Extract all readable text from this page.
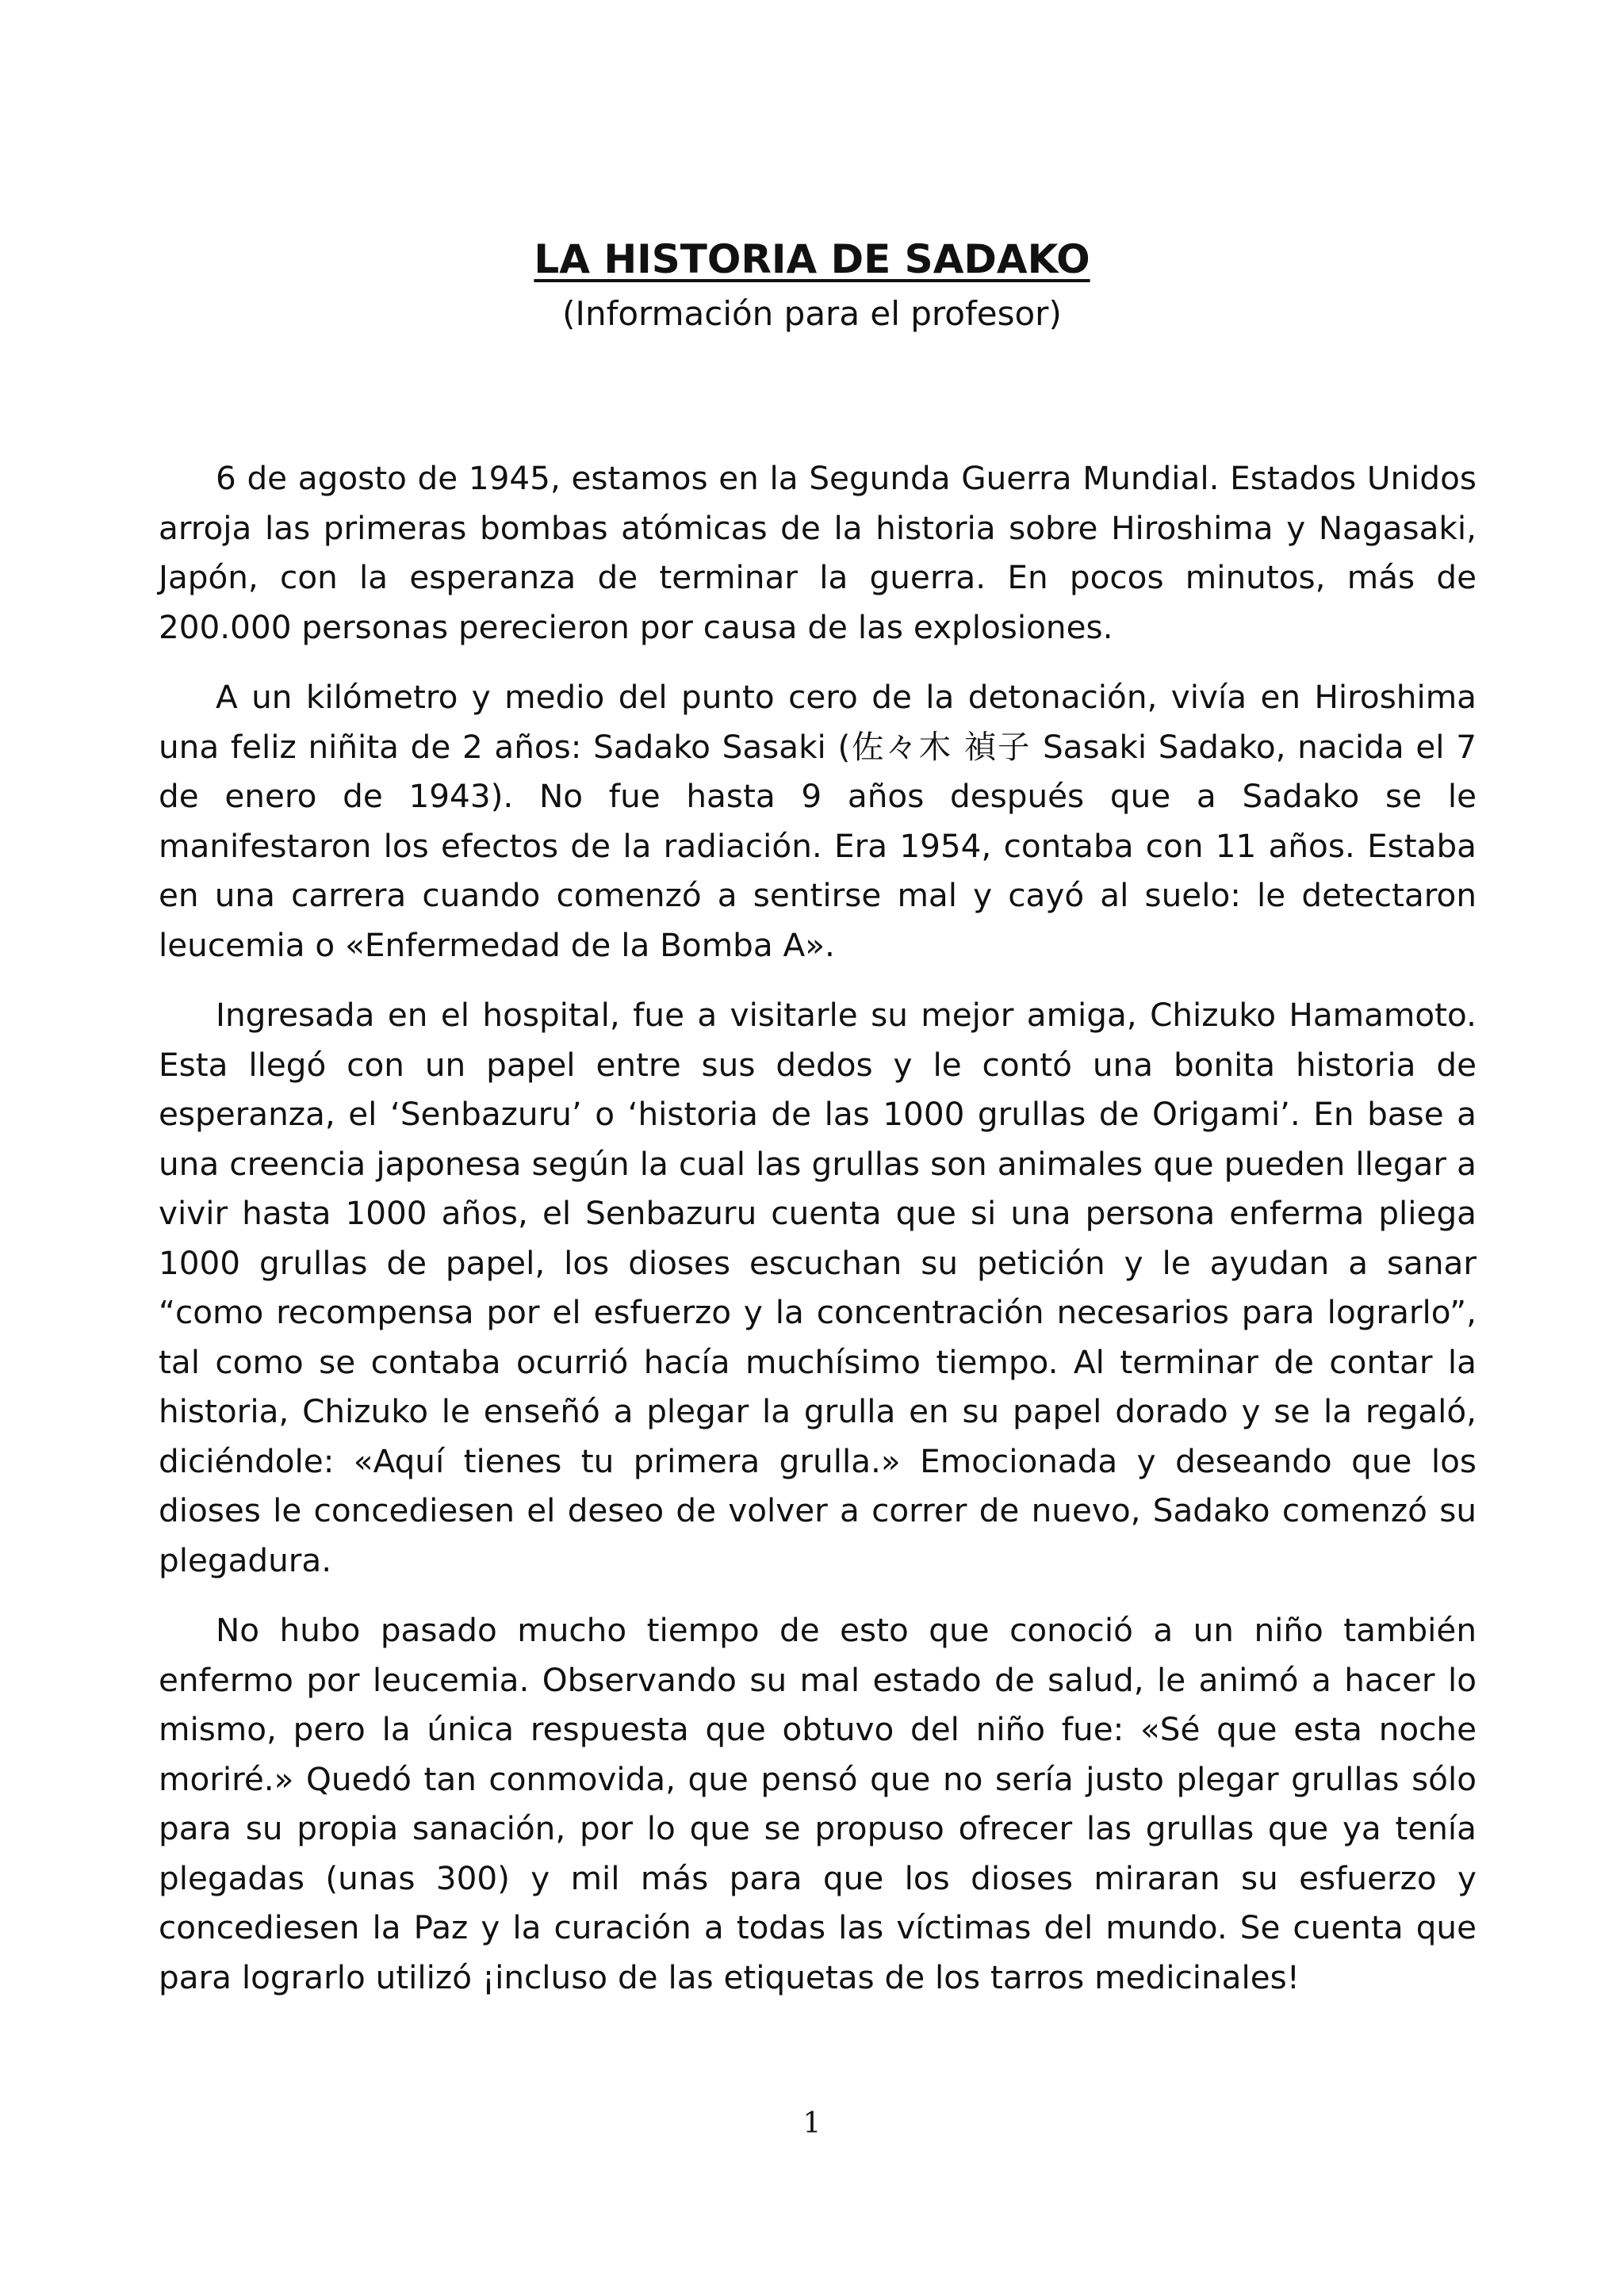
LA HISTORIA DE SADAKO
(Información para el profesor)

6 de agosto de 1945, estamos en la Segunda Guerra Mundial. Estados Unidos arroja las primeras bombas atómicas de la historia sobre Hiroshima y Nagasaki, Japón, con la esperanza de terminar la guerra. En pocos minutos, más de 200.000 personas perecieron por causa de las explosiones.

A un kilómetro y medio del punto cero de la detonación, vivía en Hiroshima una feliz niñita de 2 años: Sadako Sasaki (佐々木 禎子 Sasaki Sadako, nacida el 7 de enero de 1943). No fue hasta 9 años después que a Sadako se le manifestaron los efectos de la radiación. Era 1954, contaba con 11 años. Estaba en una carrera cuando comenzó a sentirse mal y cayó al suelo: le detectaron leucemia o «Enfermedad de la Bomba A».

Ingresada en el hospital, fue a visitarle su mejor amiga, Chizuko Hamamoto. Esta llegó con un papel entre sus dedos y le contó una bonita historia de esperanza, el ‘Senbazuru’ o ‘historia de las 1000 grullas de Origami’. En base a una creencia japonesa según la cual las grullas son animales que pueden llegar a vivir hasta 1000 años, el Senbazuru cuenta que si una persona enferma pliega 1000 grullas de papel, los dioses escuchan su petición y le ayudan a sanar “como recompensa por el esfuerzo y la concentración necesarios para lograrlo”, tal como se contaba ocurrió hacía muchísimo tiempo. Al terminar de contar la historia, Chizuko le enseñó a plegar la grulla en su papel dorado y se la regaló, diciéndole: «Aquí tienes tu primera grulla.» Emocionada y deseando que los dioses le concediesen el deseo de volver a correr de nuevo, Sadako comenzó su plegadura.

No hubo pasado mucho tiempo de esto que conoció a un niño también enfermo por leucemia. Observando su mal estado de salud, le animó a hacer lo mismo, pero la única respuesta que obtuvo del niño fue: «Sé que esta noche moriré.» Quedó tan conmovida, que pensó que no sería justo plegar grullas sólo para su propia sanación, por lo que se propuso ofrecer las grullas que ya tenía plegadas (unas 300) y mil más para que los dioses miraran su esfuerzo y concediesen la Paz y la curación a todas las víctimas del mundo. Se cuenta que para lograrlo utilizó ¡incluso de las etiquetas de los tarros medicinales!

1
